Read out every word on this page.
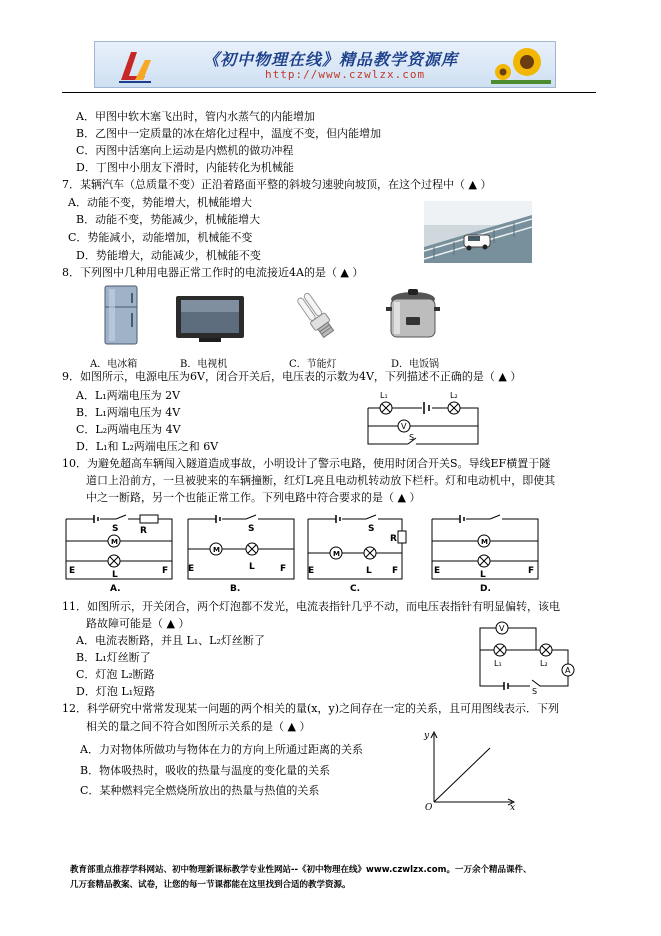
《初中物理在线》精品教学资源库
http://www.czwlzx.com
A．甲图中软木塞飞出时，管内水蒸气的内能增加
B．乙图中一定质量的冰在熔化过程中，温度不变，但内能增加
C．丙图中活塞向上运动是内燃机的做功冲程
D．丁图中小朋友下滑时，内能转化为机械能
7．某辆汽车（总质量不变）正沿着路面平整的斜坡匀速驶向坡顶，在这个过程中（ ▲ ）
A．动能不变，势能增大，机械能增大
B．动能不变，势能减少，机械能增大
C．势能减小，动能增加，机械能不变
D．势能增大，动能减少，机械能不变
8．下列图中几种用电器正常工作时的电流接近4A的是（ ▲ ）
A．电冰箱	B．电视机	C．节能灯	D．电饭锅
9．如图所示，电源电压为6V，闭合开关后，电压表的示数为4V，下列描述不正确的是（ ▲ ）
A．L₁两端电压为 2V
B．L₁两端电压为 4V
C．L₂两端电压为 4V
D．L₁和 L₂两端电压之和 6V
L₁	L₂
V
S
10．为避免超高车辆闯入隧道造成事故，小明设计了警示电路，使用时闭合开关S。导线EF横置于隧
道口上沿前方，一旦被驶来的车辆撞断，红灯L亮且电动机转动放下栏杆。灯和电动机中，即使其
中之一断路，另一个也能正常工作。下列电路中符合要求的是（ ▲ ）
S R
M
E	L	F
A.
S
M
E	L	F
B.
S
R
M
E	L F
C.
M
E	L	F
D.
11．如图所示，开关闭合，两个灯泡都不发光，电流表指针几乎不动，而电压表指针有明显偏转，该电
路故障可能是（ ▲ ）
A．电流表断路，并且 L₁、L₂灯丝断了
B．L₁灯丝断了
C．灯泡 L₂断路
D．灯泡 L₁短路
V
L₁	L₂
A
S
12．科学研究中常常发现某一问题的两个相关的量(x，y)之间存在一定的关系，且可用图线表示．下列
相关的量之间不符合如图所示关系的是（ ▲ ）
A．力对物体所做功与物体在力的方向上所通过距离的关系
B．物体吸热时，吸收的热量与温度的变化量的关系
C．某种燃料完全燃烧所放出的热量与热值的关系
y
x
O
教育部重点推荐学科网站、初中物理新课标教学专业性网站--《初中物理在线》www.czwlzx.com。一万余个精品课件、
几万套精品教案、试卷，让您的每一节课都能在这里找到合适的教学资源。
